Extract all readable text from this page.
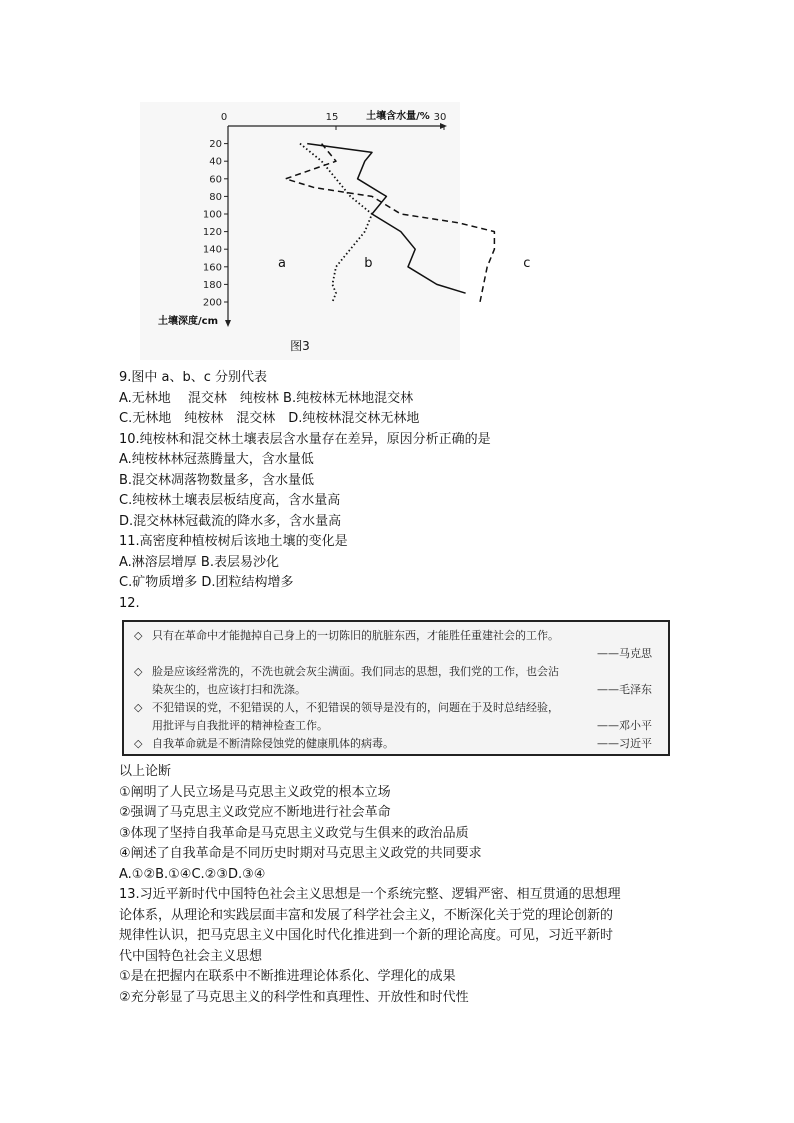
0	15	30
20
40
60
80
100
120
140
160
180
200
土壤含水量/%
土壤深度/cm
图3
a	b	c
9.图中 a、b、c 分别代表
A.无林地　 混交林　纯桉林 B.纯桉林无林地混交林
C.无林地　纯桉林　混交林　D.纯桉林混交林无林地
10.纯桉林和混交林土壤表层含水量存在差异，原因分析正确的是
A.纯桉林林冠蒸腾量大，含水量低
B.混交林凋落物数量多，含水量低
C.纯桉林土壤表层板结度高，含水量高
D.混交林林冠截流的降水多，含水量高
11.高密度种植桉树后该地土壤的变化是
A.淋溶层增厚 B.表层易沙化
C.矿物质增多 D.团粒结构增多
12.
◇ 只有在革命中才能抛掉自己身上的一切陈旧的肮脏东西，才能胜任重建社会的工作。
——马克思
◇ 脸是应该经常洗的，不洗也就会灰尘满面。我们同志的思想，我们党的工作，也会沾
染灰尘的，也应该打扫和洗涤。	——毛泽东
◇ 不犯错误的党，不犯错误的人，不犯错误的领导是没有的，问题在于及时总结经验，
用批评与自我批评的精神检查工作。	——邓小平
◇ 自我革命就是不断清除侵蚀党的健康肌体的病毒。	——习近平
以上论断
①阐明了人民立场是马克思主义政党的根本立场
②强调了马克思主义政党应不断地进行社会革命
③体现了坚持自我革命是马克思主义政党与生俱来的政治品质
④阐述了自我革命是不同历史时期对马克思主义政党的共同要求
A.①②B.①④C.②③D.③④
13.习近平新时代中国特色社会主义思想是一个系统完整、逻辑严密、相互贯通的思想理
论体系，从理论和实践层面丰富和发展了科学社会主义，不断深化关于党的理论创新的
规律性认识，把马克思主义中国化时代化推进到一个新的理论高度。可见，习近平新时
代中国特色社会主义思想
①是在把握内在联系中不断推进理论体系化、学理化的成果
②充分彰显了马克思主义的科学性和真理性、开放性和时代性
